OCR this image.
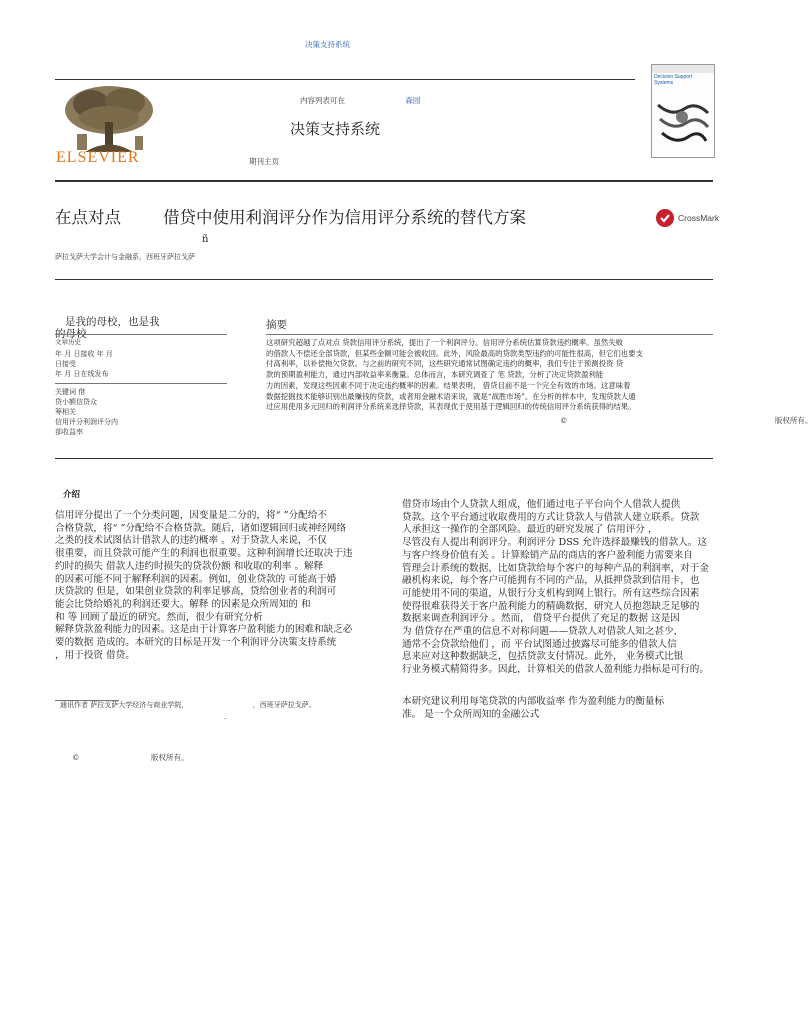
决策支持系统
ELSEVIER
内容列表可在	森园
决策支持系统
期刊主页
Decision Support Systems
在点对点        借贷中使用利润评分作为信用评分系统的替代方案
ñ
萨拉戈萨大学会计与金融系，西班牙萨拉戈萨
CrossMark

是我的母校，也是我
的母校

文章历史
年 月 日接收 年 月
日接受
年 月 日在线发布
关键词 借
贷小额信贷众
筹相关
信用评分利润评分内
部收益率
摘要
这项研究超越了点对点 贷款信用评分系统，提出了一个利润评分。信用评分系统估算贷款违约概率。虽然失败
的借款人不偿还全部贷款，但某些金额可能会被收回。此外，风险最高的贷款类型违约的可能性很高，但它们也要支
付高利率，以补偿拖欠贷款。与之前的研究不同，这些研究通常试图确定违约的概率，我们专注于预测投资 贷
款的预期盈利能力，通过内部收益率来衡量。总体而言，本研究调查了 笔 贷款，分析了决定贷款盈利能
力的因素，发现这些因素不同于决定违约概率的因素。结果表明， 借贷目前不是一个完全有效的市场。这意味着
数据挖掘技术能够识别出最赚钱的贷款，或者用金融术语来说，就是“战胜市场”。在分析的样本中，发现贷款人通
过应用使用多元回归的利润评分系统来选择贷款，其表现优于使用基于逻辑回归的传统信用评分系统获得的结果。
©                                                                                       版权所有。
介绍
信用评分提出了一个分类问题，因变量是二分的，将“ ”分配给不
合格贷款，将“ ”分配给不合格贷款。随后，诸如逻辑回归或神经网络
之类的技术试图估计借款人的违约概率 。对于贷款人来说，不仅
很重要，而且贷款可能产生的利润也很重要。这种利润增长还取决于违
约时的损失 借款人违约时损失的贷款份额 和收取的利率 。解释
的因素可能不同于解释利润的因素。例如，创业贷款的 可能高于婚
庆贷款的 但是，如果创业贷款的利率足够高，贷给创业者的利润可
能会比贷给婚礼的利润还要大。解释 的因素是众所周知的 和
和 等 回顾了最近的研究。然而，很少有研究分析
解释贷款盈利能力的因素。这是由于计算客户盈利能力的困难和缺乏必
要的数据 造成的。本研究的目标是开发一个利润评分决策支持系统
，用于投资 借贷。
通讯作者 萨拉戈萨大学经济与商业学院，                             ，西班牙萨拉戈萨。
.
©                              版权所有。
借贷市场由个人贷款人组成，他们通过电子平台向个人借款人提供
贷款。这个平台通过收取费用的方式让贷款人与借款人建立联系。贷款
人承担这一操作的全部风险。最近的研究发展了 信用评分 ，
尽管没有人提出利润评分。利润评分 DSS 允许选择最赚钱的借款人。这
与客户终身价值有关 。计算赊销产品的商店的客户盈利能力需要来自
管理会计系统的数据，比如贷款给每个客户的每种产品的利润率，对于金
融机构来说，每个客户可能拥有不同的产品，从抵押贷款到信用卡，也
可能使用不同的渠道，从银行分支机构到网上银行。所有这些综合因素
使得很难获得关于客户盈利能力的精确数据，研究人员抱怨缺乏足够的
数据来调查利润评分 。然而， 借贷平台提供了充足的数据 这是因
为 借贷存在严重的信息不对称问题——贷款人对借款人知之甚少，
通常不会贷款给他们 ，而 平台试图通过披露尽可能多的借款人信
息来应对这种数据缺乏，包括贷款支付情况。此外， 业务模式比银
行业务模式精简得多。因此，计算相关的借款人盈利能力指标是可行的。
本研究建议利用每笔贷款的内部收益率 作为盈利能力的衡量标
准。 是一个众所周知的金融公式
